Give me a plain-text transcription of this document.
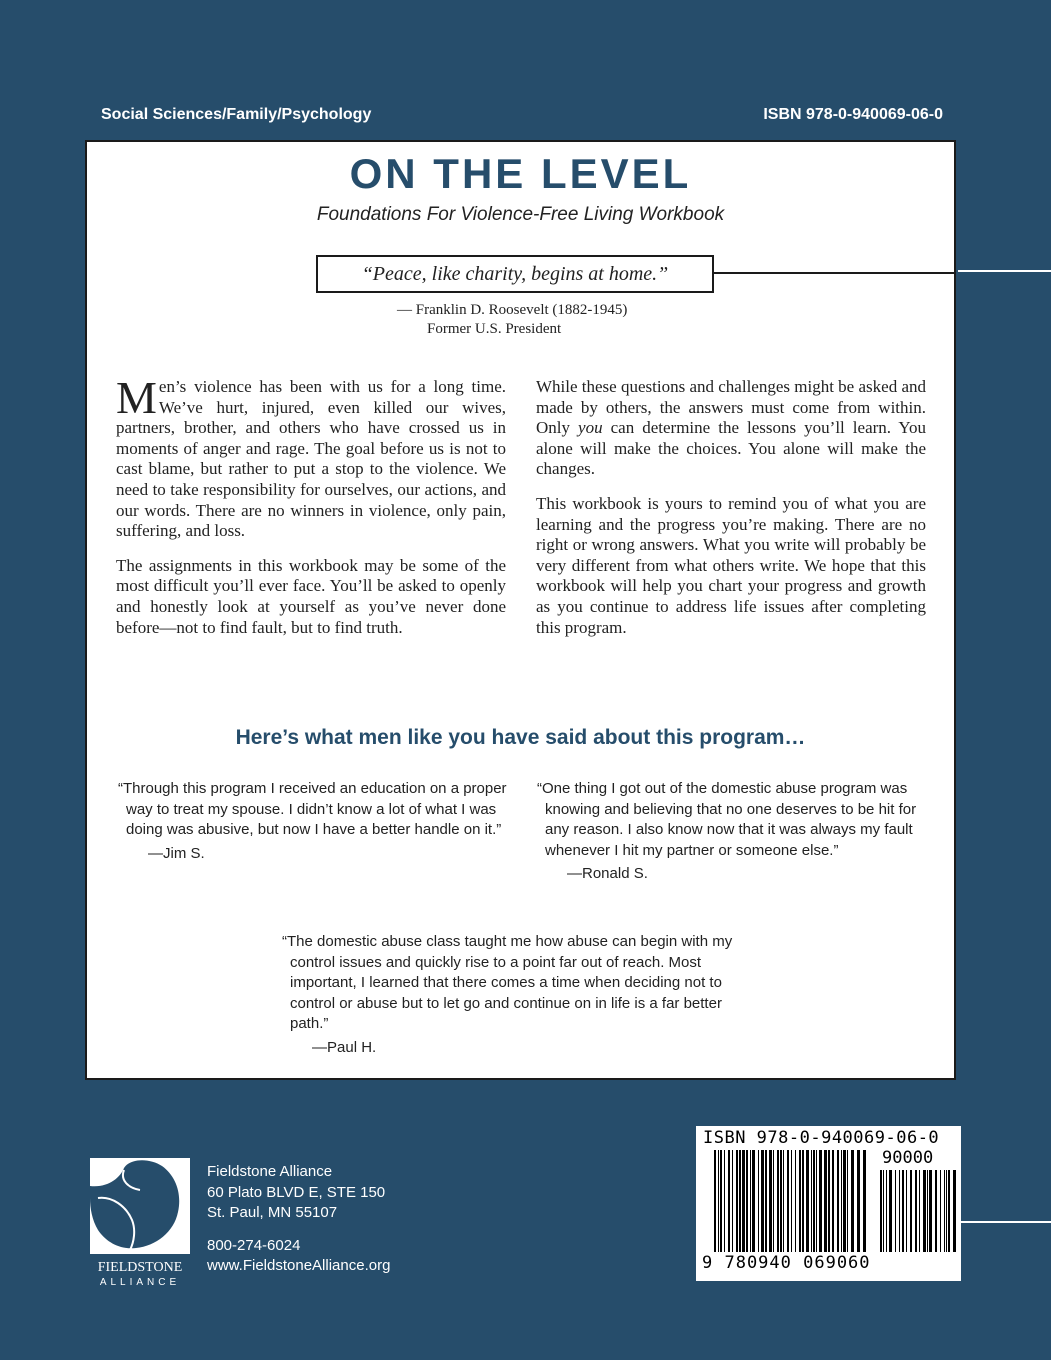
Social Sciences/Family/Psychology	ISBN 978-0-940069-06-0
ON THE LEVEL
Foundations For Violence-Free Living Workbook
“Peace, like charity, begins at home.”
— Franklin D. Roosevelt (1882-1945)
Former U.S. President

Men’s violence has been with us for a long time. We’ve hurt, injured, even killed our wives, partners, brother, and others who have crossed us in moments of anger and rage. The goal before us is not to cast blame, but rather to put a stop to the violence. We need to take responsibility for ourselves, our actions, and our words. There are no winners in violence, only pain, suffering, and loss.

The assignments in this workbook may be some of the most difficult you’ll ever face. You’ll be asked to openly and honestly look at yourself as you’ve never done before—not to find fault, but to find truth.

While these questions and challenges might be asked and made by others, the answers must come from within. Only you can determine the lessons you’ll learn. You alone will make the choices. You alone will make the changes.

This workbook is yours to remind you of what you are learning and the progress you’re making. There are no right or wrong answers. What you write will probably be very different from what others write. We hope that this workbook will help you chart your progress and growth as you continue to address life issues after completing this program.

Here’s what men like you have said about this program…
“Through this program I received an education on a proper way to treat my spouse. I didn’t know a lot of what I was doing was abusive, but now I have a better handle on it.”
—Jim S.
“One thing I got out of the domestic abuse program was knowing and believing that no one deserves to be hit for any reason. I also know now that it was always my fault whenever I hit my partner or someone else.”
—Ronald S.
“The domestic abuse class taught me how abuse can begin with my control issues and quickly rise to a point far out of reach. Most important, I learned that there comes a time when deciding not to control or abuse but to let go and continue on in life is a far better path.”
—Paul H.
FIELDSTONE
ALLIANCE
Fieldstone Alliance
60 Plato BLVD E, STE 150
St. Paul, MN 55107
800-274-6024
www.FieldstoneAlliance.org
ISBN 978-0-940069-06-0
90000
9 780940 069060
